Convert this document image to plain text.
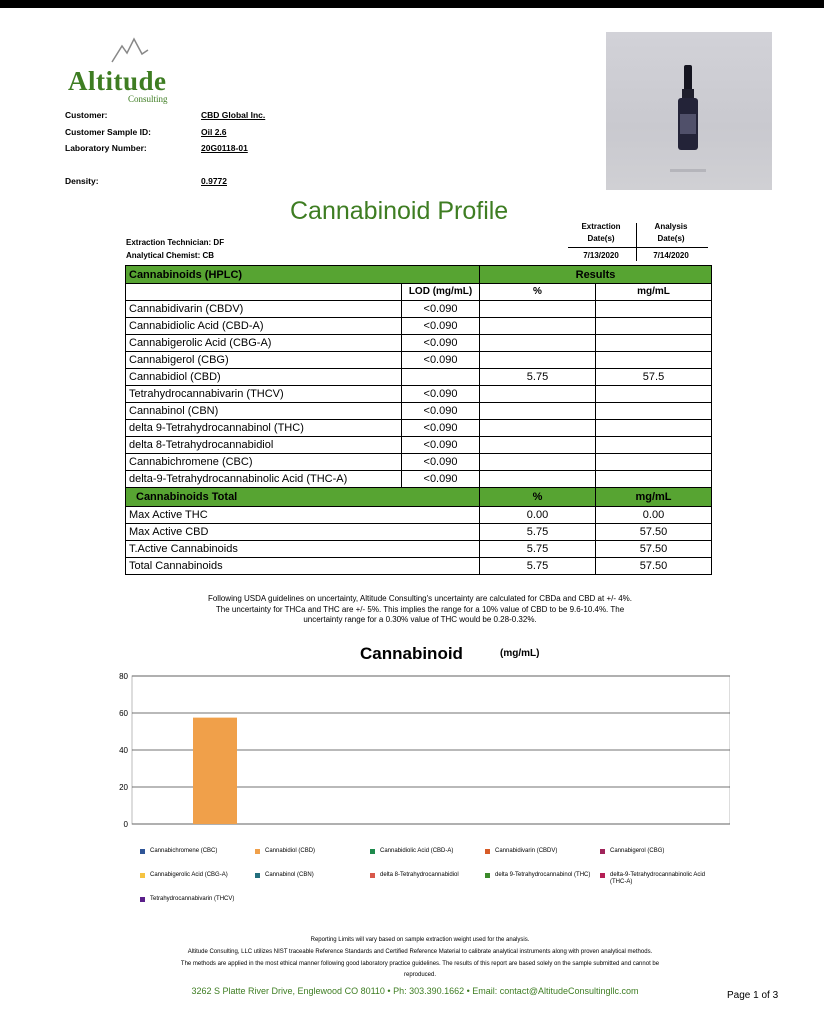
Altitude
Consulting
Customer:	CBD Global Inc.
Customer Sample ID:	Oil 2.6
Laboratory Number:	20G0118-01
Density:	0.9772
Cannabinoid Profile
Extraction Technician: DF
Analytical Chemist: CB
Extraction
Date(s)
Analysis
Date(s)
7/13/2020	7/14/2020
Cannabinoids (HPLC)		Results	
	LOD (mg/mL)	%	mg/mL
Cannabidivarin (CBDV)	<0.090		
Cannabidiolic Acid (CBD-A)	<0.090		
Cannabigerolic Acid (CBG-A)	<0.090		
Cannabigerol (CBG)	<0.090		
Cannabidiol (CBD)		5.75	57.5
Tetrahydrocannabivarin (THCV)	<0.090		
Cannabinol (CBN)	<0.090		
delta 9-Tetrahydrocannabinol (THC)	<0.090		
delta 8-Tetrahydrocannabidiol	<0.090		
Cannabichromene (CBC)	<0.090		
delta-9-Tetrahydrocannabinolic Acid (THC-A)	<0.090		
Cannabinoids Total		%	mg/mL
Max Active THC		0.00	0.00
Max Active CBD		5.75	57.50
T.Active Cannabinoids		5.75	57.50
Total Cannabinoids		5.75	57.50
Following USDA guidelines on uncertainty, Altitude Consulting's uncertainty are calculated for CBDa and CBD at +/- 4%.
The uncertainty for THCa and THC are +/- 5%. This implies the range for a 10% value of CBD to be 9.6-10.4%. The
uncertainty range for a 0.30% value of THC would be 0.28-0.32%.
Cannabinoid	(mg/mL)
0
20
40
60
80
Cannabichromene (CBC)	Cannabidiol (CBD)	Cannabidiolic Acid (CBD-A)	Cannabidivarin (CBDV)	Cannabigerol (CBG)
Cannabigerolic Acid (CBG-A)	Cannabinol (CBN)	delta 8-Tetrahydrocannabidiol	delta 9-Tetrahydrocannabinol (THC)	delta-9-Tetrahydrocannabinolic Acid (THC-A)
Tetrahydrocannabivarin (THCV)
Reporting Limits will vary based on sample extraction weight used for the analysis.
Altitude Consulting, LLC utilizes NIST traceable Reference Standards and Certified Reference Material to calibrate analytical instruments along with proven analytical methods.
The methods are applied in the most ethical manner following good laboratory practice guidelines. The results of this report are based solely on the sample submitted and cannot be
reproduced.
3262 S Platte River Drive, Englewood CO 80110 • Ph: 303.390.1662 • Email: contact@AltitudeConsultingllc.com	Page 1 of 3
